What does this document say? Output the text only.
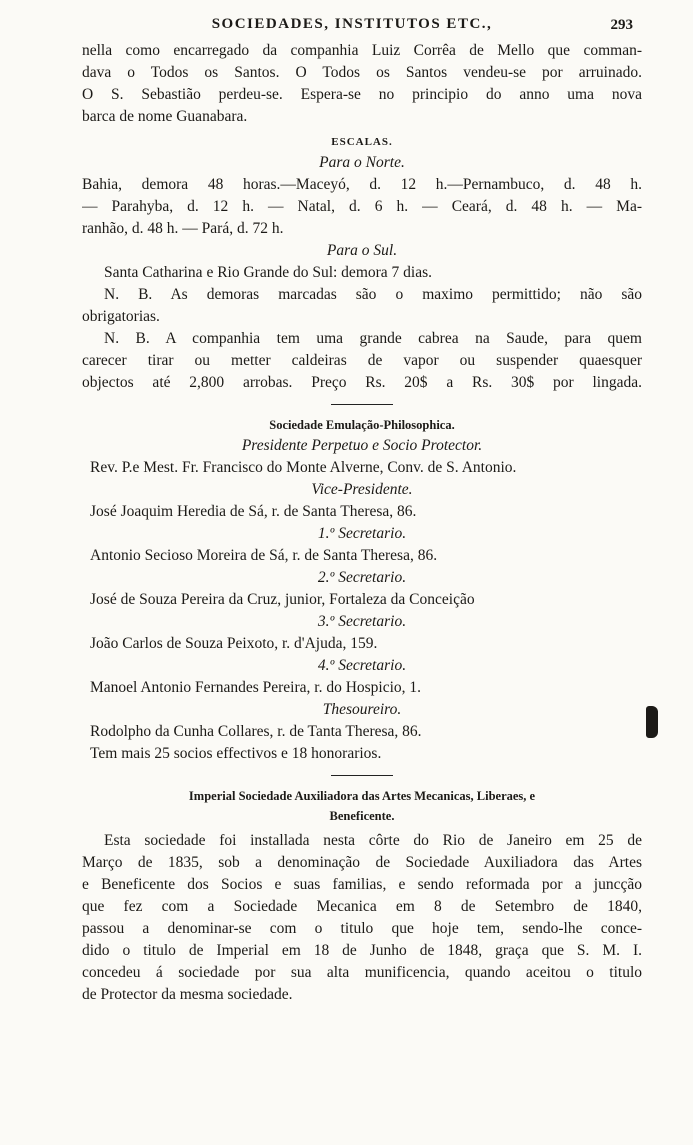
SOCIEDADES, INSTITUTOS ETC.,	293
nella como encarregado da companhia Luiz Corrêa de Mello que comman-
dava o Todos os Santos. O Todos os Santos vendeu-se por arruinado.
O S. Sebastião perdeu-se. Espera-se no principio do anno uma nova
barca de nome Guanabara.
ESCALAS.
Para o Norte.
Bahia, demora 48 horas.—Maceyó, d. 12 h.—Pernambuco, d. 48 h.
— Parahyba, d. 12 h. — Natal, d. 6 h. — Ceará, d. 48 h. — Ma-
ranhão, d. 48 h. — Pará, d. 72 h.
Para o Sul.
Santa Catharina e Rio Grande do Sul: demora 7 dias.
N. B. As demoras marcadas são o maximo permittido; não são
obrigatorias.
N. B. A companhia tem uma grande cabrea na Saude, para quem
carecer tirar ou metter caldeiras de vapor ou suspender quaesquer
objectos até 2,800 arrobas. Preço Rs. 20$ a Rs. 30$ por lingada.
Sociedade Emulação-Philosophica.
Presidente Perpetuo e Socio Protector.
Rev. P.e Mest. Fr. Francisco do Monte Alverne, Conv. de S. Antonio.
Vice-Presidente.
José Joaquim Heredia de Sá, r. de Santa Theresa, 86.
1.º Secretario.
Antonio Secioso Moreira de Sá, r. de Santa Theresa, 86.
2.º Secretario.
José de Souza Pereira da Cruz, junior, Fortaleza da Conceição
3.º Secretario.
João Carlos de Souza Peixoto, r. d'Ajuda, 159.
4.º Secretario.
Manoel Antonio Fernandes Pereira, r. do Hospicio, 1.
Thesoureiro.
Rodolpho da Cunha Collares, r. de Tanta Theresa, 86.
Tem mais 25 socios effectivos e 18 honorarios.
Imperial Sociedade Auxiliadora das Artes Mecanicas, Liberaes, e
Beneficente.
Esta sociedade foi installada nesta côrte do Rio de Janeiro em 25 de
Março de 1835, sob a denominação de Sociedade Auxiliadora das Artes
e Beneficente dos Socios e suas familias, e sendo reformada por a juncção
que fez com a Sociedade Mecanica em 8 de Setembro de 1840,
passou a denominar-se com o titulo que hoje tem, sendo-lhe conce-
dido o titulo de Imperial em 18 de Junho de 1848, graça que S. M. I.
concedeu á sociedade por sua alta munificencia, quando aceitou o titulo
de Protector da mesma sociedade.
